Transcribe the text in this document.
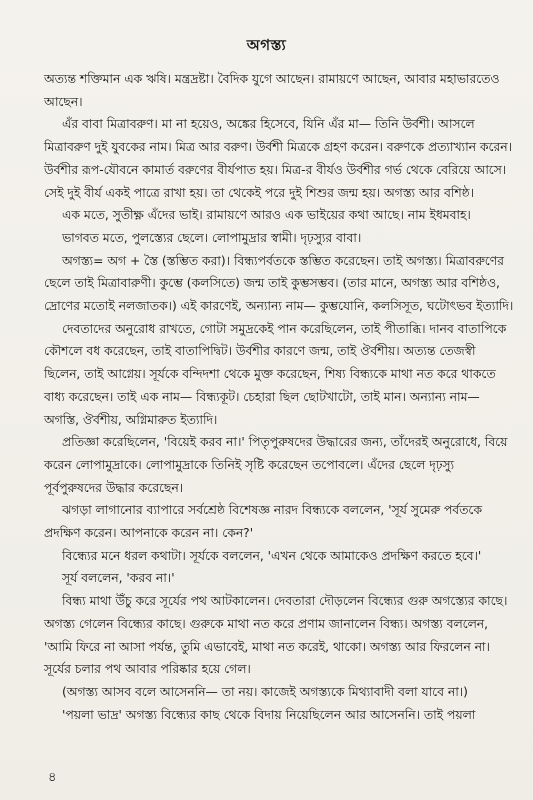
অগস্ত্য

অত্যন্ত শক্তিমান এক ঋষি। মন্ত্রদ্রষ্টা। বৈদিক যুগে আছেন। রামায়ণে আছেন, আবার মহাভারতেও আছেন।

এঁর বাবা মিত্রাবরুণ। মা না হয়েও, অঙ্কের হিসেবে, যিনি এঁর মা— তিনি উর্বশী। আসলে মিত্রাবরুণ দুই যুবকের নাম। মিত্র আর বরুণ। উর্বশী মিত্রকে গ্রহণ করেন। বরুণকে প্রত্যাখ্যান করেন। উর্বশীর রূপ-যৌবনে কামার্ত বরুণের বীর্যপাত হয়। মিত্র-র বীর্যও উর্বশীর গর্ভ থেকে বেরিয়ে আসে। সেই দুই বীর্য একই পাত্রে রাখা হয়। তা থেকেই পরে দুই শিশুর জন্ম হয়। অগস্ত্য আর বশিষ্ঠ।

এক মতে, সুতীক্ষ্ণ এঁদের ভাই। রামায়ণে আরও এক ভাইয়ের কথা আছে। নাম ইধমবাহ।

ভাগবত মতে, পুলস্ত্যের ছেলে। লোপামুদ্রার স্বামী। দৃঢ়স্যুর বাবা।

অগস্ত্য= অগ + স্তৈ (স্তম্ভিত করা)। বিন্ধ্যপর্বতকে স্তম্ভিত করেছেন। তাই অগস্ত্য। মিত্রাবরুণের ছেলে তাই মিত্রাবারুণী। কুম্ভে (কলসিতে) জন্ম তাই কুম্ভসম্ভব। (তার মানে, অগস্ত্য আর বশিষ্ঠও, দ্রোণের মতোই নলজাতক।) এই কারণেই, অন্যান্য নাম— কুম্ভযোনি, কলসিসূত, ঘটোৎভব ইত্যাদি।

দেবতাদের অনুরোধ রাখতে, গোটা সমুদ্রকেই পান করেছিলেন, তাই পীতাব্ধি। দানব বাতাপিকে কৌশলে বধ করেছেন, তাই বাতাপিদ্বিট। উর্বশীর কারণে জন্ম, তাই ঔর্বশীয়। অত্যন্ত তেজস্বী ছিলেন, তাই আগ্নেয়। সূর্যকে বন্দিদশা থেকে মুক্ত করেছেন, শিষ্য বিন্ধ্যকে মাথা নত করে থাকতে বাধ্য করেছেন। তাই এক নাম— বিন্ধ্যকূট। চেহারা ছিল ছোটখাটো, তাই মান। অন্যান্য নাম— অগস্তি, ঔর্বশীয়, অগ্নিমারুত ইত্যাদি।

প্রতিজ্ঞা করেছিলেন, 'বিয়েই করব না।' পিতৃপুরুষদের উদ্ধারের জন্য, তাঁদেরই অনুরোধে, বিয়ে করেন লোপামুদ্রাকে। লোপামুদ্রাকে তিনিই সৃষ্টি করেছেন তপোবলে। এঁদের ছেলে দৃঢ়স্যু পূর্বপুরুষদের উদ্ধার করেছেন।

ঝগড়া লাগানোর ব্যাপারে সর্বশ্রেষ্ঠ বিশেষজ্ঞ নারদ বিন্ধ্যকে বললেন, 'সূর্য সুমেরু পর্বতকে প্রদক্ষিণ করেন। আপনাকে করেন না। কেন?'

বিন্ধ্যের মনে ধরল কথাটা। সূর্যকে বললেন, 'এখন থেকে আমাকেও প্রদক্ষিণ করতে হবে।'

সূর্য বললেন, 'করব না।'

বিন্ধ্য মাথা উঁচু করে সূর্যের পথ আটকালেন। দেবতারা দৌড়লেন বিন্ধ্যের গুরু অগস্ত্যের কাছে। অগস্ত্য গেলেন বিন্ধ্যের কাছে। গুরুকে মাথা নত করে প্রণাম জানালেন বিন্ধ্য। অগস্ত্য বললেন, 'আমি ফিরে না আসা পর্যন্ত, তুমি এভাবেই, মাথা নত করেই, থাকো। অগস্ত্য আর ফিরলেন না। সূর্যের চলার পথ আবার পরিষ্কার হয়ে গেল।

(অগস্ত্য আসব বলে আসেননি— তা নয়। কাজেই অগস্ত্যকে মিথ্যাবাদী বলা যাবে না।)

'পয়লা ভাদ্র' অগস্ত্য বিন্ধ্যের কাছ থেকে বিদায় নিয়েছিলেন আর আসেননি। তাই পয়লা

৪
